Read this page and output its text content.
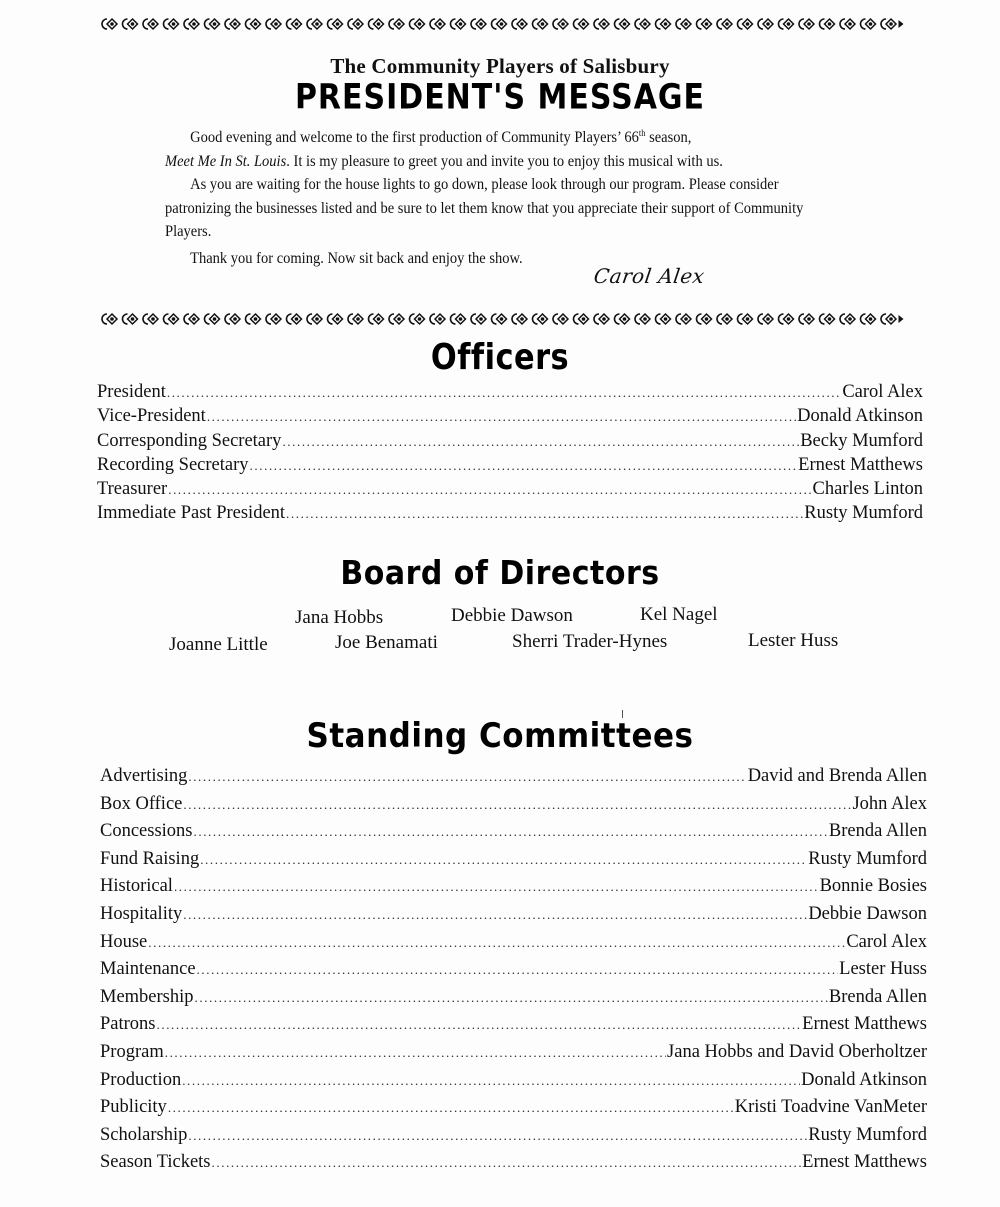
The Community Players of Salisbury
PRESIDENT'S MESSAGE

Good evening and welcome to the first production of Community Players’ 66th season,
Meet Me In St. Louis. It is my pleasure to greet you and invite you to enjoy this musical with us.

As you are waiting for the house lights to go down, please look through our program. Please consider patronizing the businesses listed and be sure to let them know that you appreciate their support of Community Players.

Thank you for coming. Now sit back and enjoy the show.

Carol Alex
Officers
President .....	Carol Alex
Vice-President .....	Donald Atkinson
Corresponding Secretary .....	Becky Mumford
Recording Secretary .....	Ernest Matthews
Treasurer .....	Charles Linton
Immediate Past President .....	Rusty Mumford
Board of Directors
Jana Hobbs	Debbie Dawson	Kel Nagel
Joanne Little	Joe Benamati	Sherri Trader-Hynes	Lester Huss
Standing Committees
Advertising .....	David and Brenda Allen
Box Office .....	John Alex
Concessions .....	Brenda Allen
Fund Raising .....	Rusty Mumford
Historical .....	Bonnie Bosies
Hospitality .....	Debbie Dawson
House .....	Carol Alex
Maintenance .....	Lester Huss
Membership .....	Brenda Allen
Patrons .....	Ernest Matthews
Program .....	Jana Hobbs and David Oberholtzer
Production .....	Donald Atkinson
Publicity .....	Kristi Toadvine VanMeter
Scholarship .....	Rusty Mumford
Season Tickets .....	Ernest Matthews
